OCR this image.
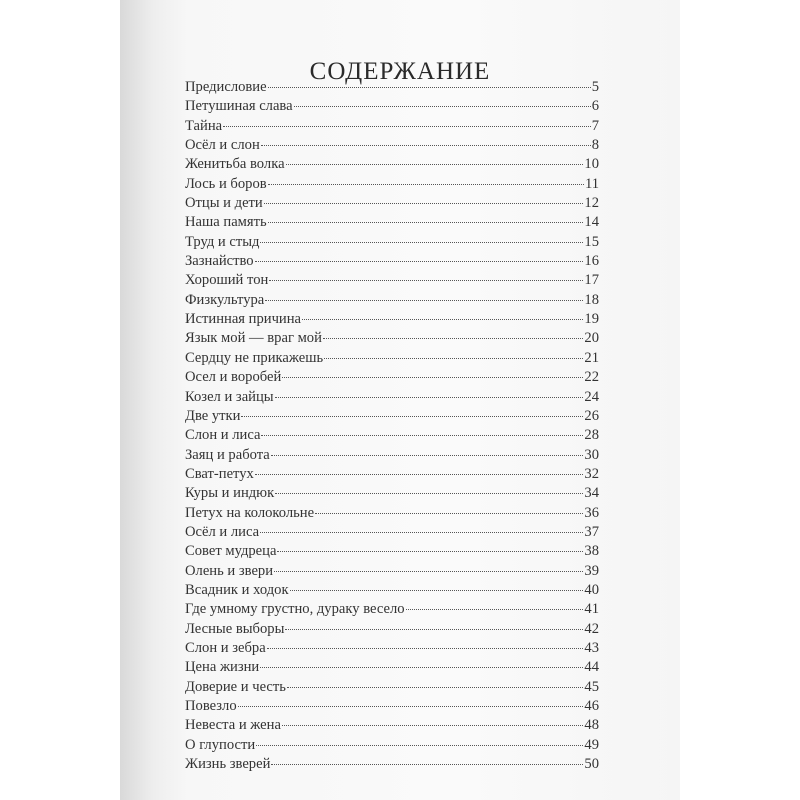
СОДЕРЖАНИЕ
Предисловие	5
Петушиная слава	6
Тайна	7
Осёл и слон	8
Женитьба волка	10
Лось и боров	11
Отцы и дети	12
Наша память	14
Труд и стыд	15
Зазнайство	16
Хороший тон	17
Физкультура	18
Истинная причина	19
Язык мой — враг мой	20
Сердцу не прикажешь	21
Осел и воробей	22
Козел и зайцы	24
Две утки	26
Слон и лиса	28
Заяц и работа	30
Сват-петух	32
Куры и индюк	34
Петух на колокольне	36
Осёл и лиса	37
Совет мудреца	38
Олень и звери	39
Всадник и ходок	40
Где умному грустно, дураку весело	41
Лесные выборы	42
Слон и зебра	43
Цена жизни	44
Доверие и честь	45
Повезло	46
Невеста и жена	48
О глупости	49
Жизнь зверей	50
